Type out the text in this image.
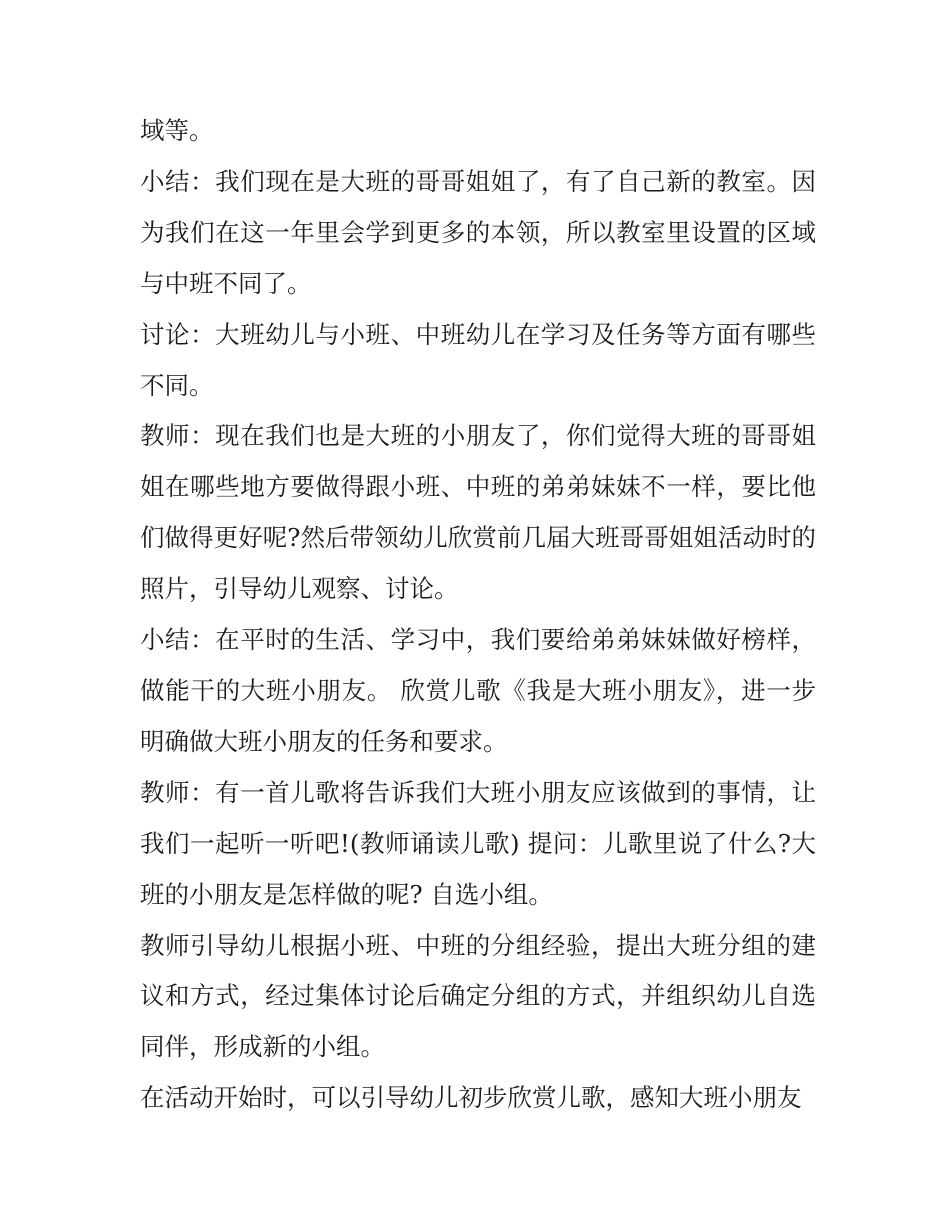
域等。

小结：我们现在是大班的哥哥姐姐了，有了自己新的教室。因为我们在这一年里会学到更多的本领，所以教室里设置的区域与中班不同了。

讨论：大班幼儿与小班、中班幼儿在学习及任务等方面有哪些不同。

教师：现在我们也是大班的小朋友了，你们觉得大班的哥哥姐姐在哪些地方要做得跟小班、中班的弟弟妹妹不一样，要比他们做得更好呢?然后带领幼儿欣赏前几届大班哥哥姐姐活动时的照片，引导幼儿观察、讨论。

小结：在平时的生活、学习中，我们要给弟弟妹妹做好榜样，做能干的大班小朋友。 欣赏儿歌《我是大班小朋友》，进一步明确做大班小朋友的任务和要求。

教师：有一首儿歌将告诉我们大班小朋友应该做到的事情，让我们一起听一听吧!(教师诵读儿歌) 提问：儿歌里说了什么?大班的小朋友是怎样做的呢? 自选小组。

教师引导幼儿根据小班、中班的分组经验，提出大班分组的建议和方式，经过集体讨论后确定分组的方式，并组织幼儿自选同伴，形成新的小组。

在活动开始时，可以引导幼儿初步欣赏儿歌，感知大班小朋友
